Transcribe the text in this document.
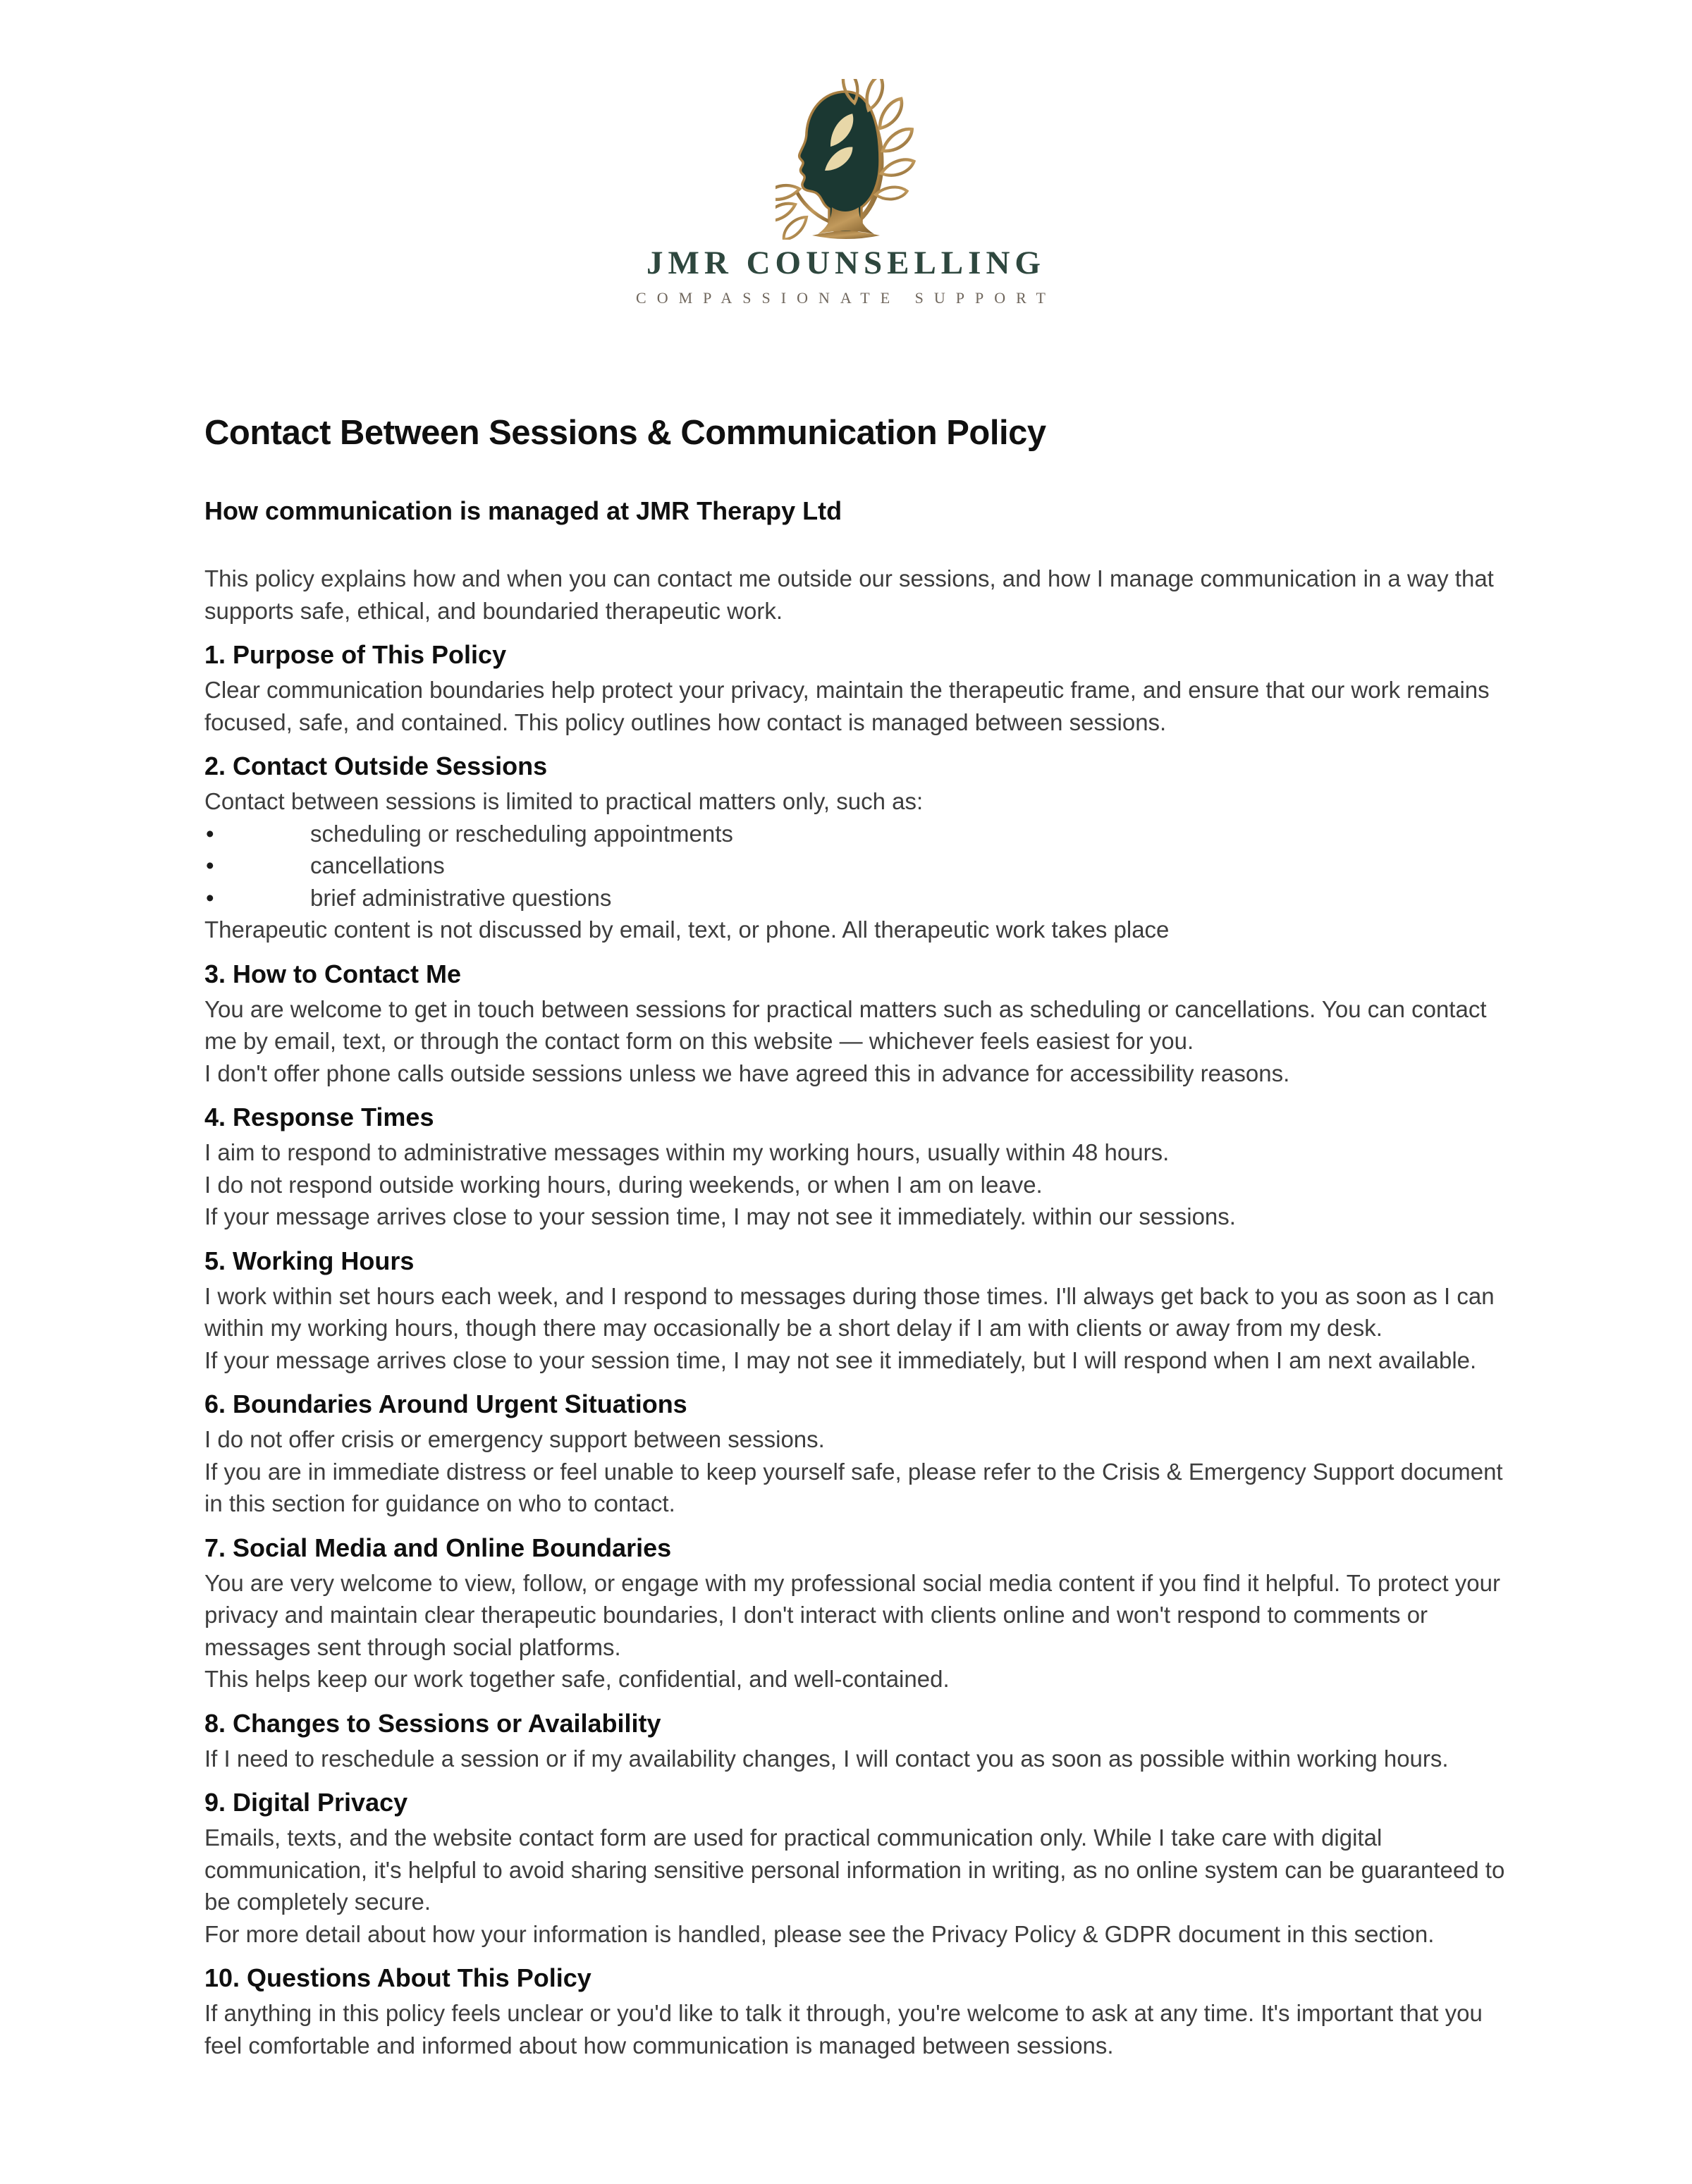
JMR COUNSELLING
COMPASSIONATE SUPPORT
Contact Between Sessions & Communication Policy
How communication is managed at JMR Therapy Ltd

This policy explains how and when you can contact me outside our sessions, and how I manage communication in a way that supports safe, ethical, and boundaried therapeutic work.

1. Purpose of This Policy

Clear communication boundaries help protect your privacy, maintain the therapeutic frame, and ensure that our work remains focused, safe, and contained. This policy outlines how contact is managed between sessions.

2. Contact Outside Sessions

Contact between sessions is limited to practical matters only, such as:

• scheduling or rescheduling appointments
• cancellations
• brief administrative questions

Therapeutic content is not discussed by email, text, or phone. All therapeutic work takes place

3. How to Contact Me

You are welcome to get in touch between sessions for practical matters such as scheduling or cancellations. You can contact me by email, text, or through the contact form on this website — whichever feels easiest for you.

I don't offer phone calls outside sessions unless we have agreed this in advance for accessibility reasons.

4. Response Times

I aim to respond to administrative messages within my working hours, usually within 48 hours.

I do not respond outside working hours, during weekends, or when I am on leave.

If your message arrives close to your session time, I may not see it immediately. within our sessions.

5. Working Hours

I work within set hours each week, and I respond to messages during those times. I'll always get back to you as soon as I can within my working hours, though there may occasionally be a short delay if I am with clients or away from my desk.

If your message arrives close to your session time, I may not see it immediately, but I will respond when I am next available.

6. Boundaries Around Urgent Situations

I do not offer crisis or emergency support between sessions.

If you are in immediate distress or feel unable to keep yourself safe, please refer to the Crisis & Emergency Support document in this section for guidance on who to contact.

7. Social Media and Online Boundaries

You are very welcome to view, follow, or engage with my professional social media content if you find it helpful. To protect your privacy and maintain clear therapeutic boundaries, I don't interact with clients online and won't respond to comments or messages sent through social platforms.

This helps keep our work together safe, confidential, and well-contained.

8. Changes to Sessions or Availability

If I need to reschedule a session or if my availability changes, I will contact you as soon as possible within working hours.

9. Digital Privacy

Emails, texts, and the website contact form are used for practical communication only. While I take care with digital communication, it's helpful to avoid sharing sensitive personal information in writing, as no online system can be guaranteed to be completely secure.

For more detail about how your information is handled, please see the Privacy Policy & GDPR document in this section.

10. Questions About This Policy

If anything in this policy feels unclear or you'd like to talk it through, you're welcome to ask at any time. It's important that you feel comfortable and informed about how communication is managed between sessions.
